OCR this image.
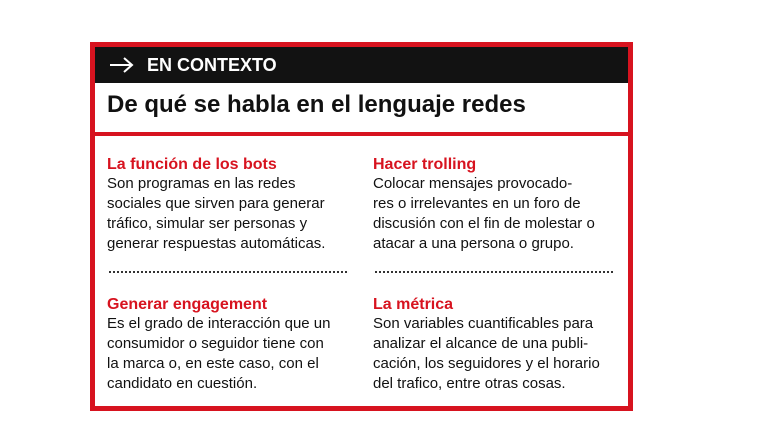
EN CONTEXTO
De qué se habla en el lenguaje redes

La función de los bots

Son programas en las redes
sociales que sirven para generar
tráfico, simular ser personas y
generar respuestas automáticas.

Hacer trolling

Colocar mensajes provocado-
res o irrelevantes en un foro de
discusión con el fin de molestar o
atacar a una persona o grupo.

Generar engagement

Es el grado de interacción que un
consumidor o seguidor tiene con
la marca o, en este caso, con el
candidato en cuestión.

La métrica

Son variables cuantificables para
analizar el alcance de una publi-
cación, los seguidores y el horario
del trafico, entre otras cosas.
